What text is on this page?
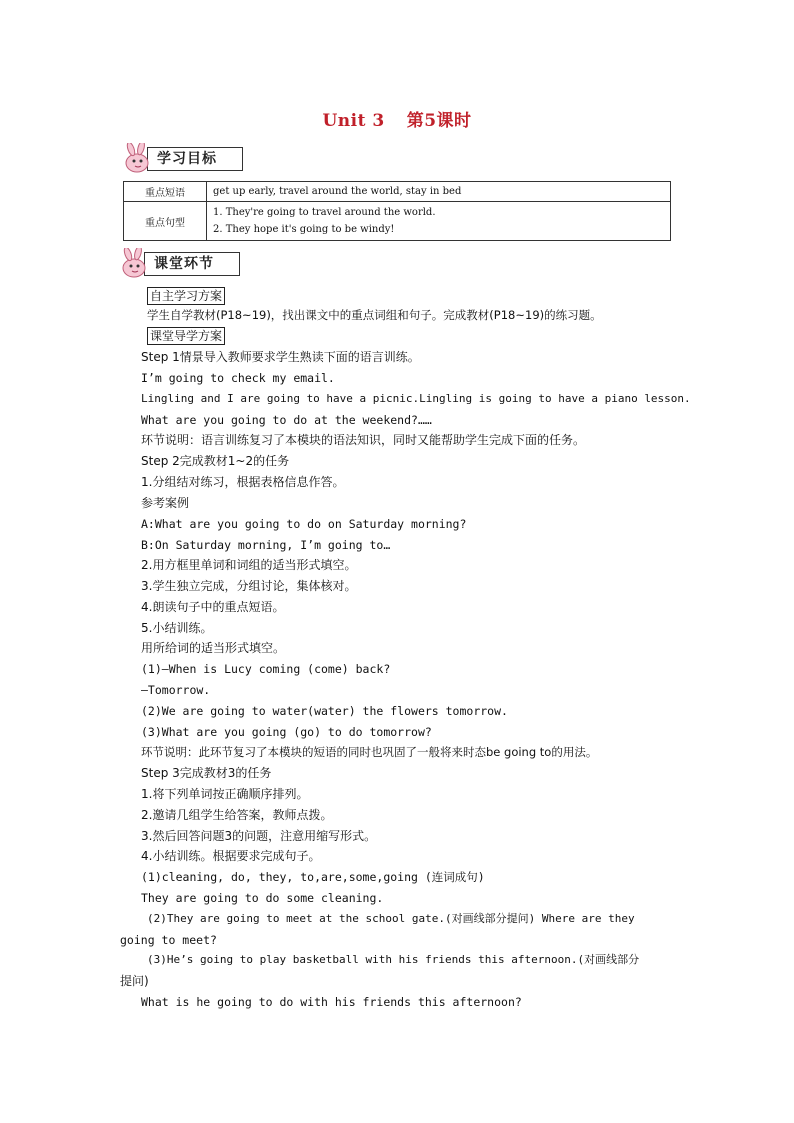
Unit 3 第5课时
学习目标
重点短语	get up early, travel around the world, stay in bed
重点句型	1. They're going to travel around the world.
2. They hope it's going to be windy!
课堂环节
自主学习方案
学生自学教材(P18~19)，找出课文中的重点词组和句子。完成教材(P18~19)的练习题。
课堂导学方案
Step 1情景导入教师要求学生熟读下面的语言训练。
I’m going to check my email.
Lingling and I are going to have a picnic.Lingling is going to have a piano lesson.
What are you going to do at the weekend?……
环节说明：语言训练复习了本模块的语法知识，同时又能帮助学生完成下面的任务。
Step 2完成教材1~2的任务
1.分组结对练习，根据表格信息作答。
参考案例
A:What are you going to do on Saturday morning?
B:On Saturday morning, I’m going to…
2.用方框里单词和词组的适当形式填空。
3.学生独立完成，分组讨论，集体核对。
4.朗读句子中的重点短语。
5.小结训练。
用所给词的适当形式填空。
(1)—When is Lucy coming (come) back?
—Tomorrow.
(2)We are going to water(water) the flowers tomorrow.
(3)What are you going (go) to do tomorrow?
环节说明：此环节复习了本模块的短语的同时也巩固了一般将来时态be going to的用法。
Step 3完成教材3的任务
1.将下列单词按正确顺序排列。
2.邀请几组学生给答案，教师点拨。
3.然后回答问题3的问题，注意用缩写形式。
4.小结训练。根据要求完成句子。
(1)cleaning, do, they, to,are,some,going (连词成句)
They are going to do some cleaning.
(2)They are going to meet at the school gate.(对画线部分提问) Where are they
going to meet?
(3)He’s going to play basketball with his friends this afternoon.(对画线部分
提问)
What is he going to do with his friends this afternoon?
